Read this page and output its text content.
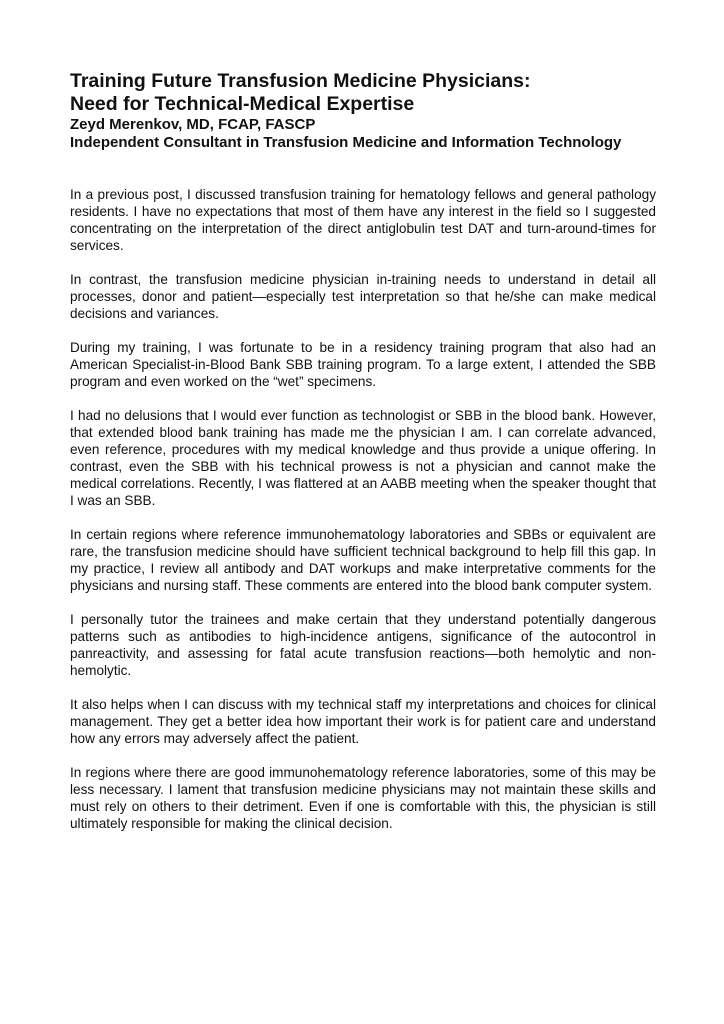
Training Future Transfusion Medicine Physicians:
Need for Technical-Medical Expertise

Zeyd Merenkov, MD, FCAP, FASCP

Independent Consultant in Transfusion Medicine and Information Technology

In a previous post, I discussed transfusion training for hematology fellows and general pathology residents. I have no expectations that most of them have any interest in the field so I suggested concentrating on the interpretation of the direct antiglobulin test DAT and turn-around-times for services.

In contrast, the transfusion medicine physician in-training needs to understand in detail all processes, donor and patient—especially test interpretation so that he/she can make medical decisions and variances.

During my training, I was fortunate to be in a residency training program that also had an American Specialist-in-Blood Bank SBB training program. To a large extent, I attended the SBB program and even worked on the “wet” specimens.

I had no delusions that I would ever function as technologist or SBB in the blood bank. However, that extended blood bank training has made me the physician I am. I can correlate advanced, even reference, procedures with my medical knowledge and thus provide a unique offering. In contrast, even the SBB with his technical prowess is not a physician and cannot make the medical correlations. Recently, I was flattered at an AABB meeting when the speaker thought that I was an SBB.

In certain regions where reference immunohematology laboratories and SBBs or equivalent are rare, the transfusion medicine should have sufficient technical background to help fill this gap. In my practice, I review all antibody and DAT workups and make interpretative comments for the physicians and nursing staff. These comments are entered into the blood bank computer system.

I personally tutor the trainees and make certain that they understand potentially dangerous patterns such as antibodies to high-incidence antigens, significance of the autocontrol in panreactivity, and assessing for fatal acute transfusion reactions—both hemolytic and non-hemolytic.

It also helps when I can discuss with my technical staff my interpretations and choices for clinical management. They get a better idea how important their work is for patient care and understand how any errors may adversely affect the patient.

In regions where there are good immunohematology reference laboratories, some of this may be less necessary. I lament that transfusion medicine physicians may not maintain these skills and must rely on others to their detriment. Even if one is comfortable with this, the physician is still ultimately responsible for making the clinical decision.
